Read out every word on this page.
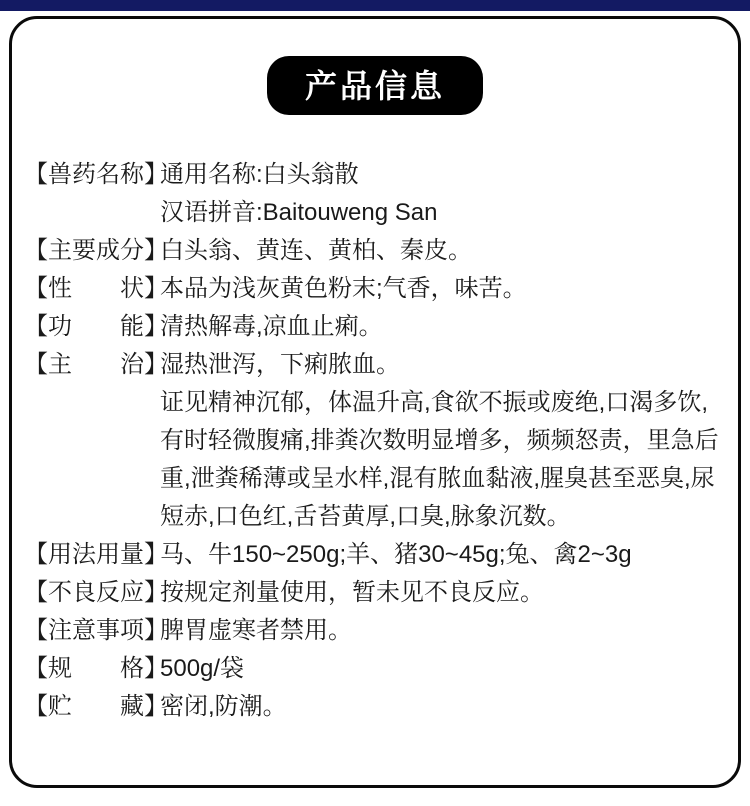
产品信息
【兽药名称】
通用名称:白头翁散
汉语拼音:Baitouweng San
【主要成分】
白头翁、黄连、黄柏、秦皮。
【性　　状】
本品为浅灰黄色粉末;气香，味苦。
【功　　能】
清热解毒,凉血止痢。
【主　　治】
湿热泄泻，下痢脓血。
证见精神沉郁，体温升高,食欲不振或废绝,口渴多饮,
有时轻微腹痛,排粪次数明显增多，频频怒责，里急后
重,泄粪稀薄或呈水样,混有脓血黏液,腥臭甚至恶臭,尿
短赤,口色红,舌苔黄厚,口臭,脉象沉数。
【用法用量】
马、牛150~250g;羊、猪30~45g;兔、禽2~3g
【不良反应】
按规定剂量使用，暂未见不良反应。
【注意事项】
脾胃虚寒者禁用。
【规　　格】
500g/袋
【贮　　藏】
密闭,防潮。
